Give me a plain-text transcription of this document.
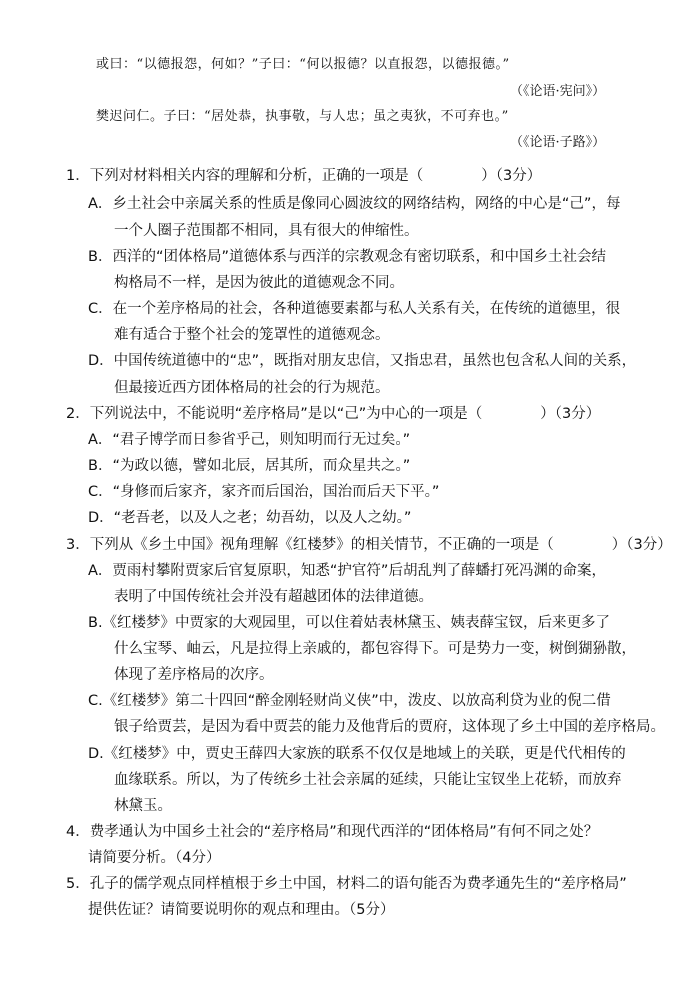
或曰：“以德报怨，何如？”子曰：“何以报德？以直报怨，以德报德。”
（《论语·宪问》）
樊迟问仁。子曰：“居处恭，执事敬，与人忠；虽之夷狄，不可弃也。”
（《论语·子路》）
1．下列对材料相关内容的理解和分析，正确的一项是（　　　　）（3分）
A．乡土社会中亲属关系的性质是像同心圆波纹的网络结构，网络的中心是“己”，每
一个人圈子范围都不相同，具有很大的伸缩性。
B．西洋的“团体格局”道德体系与西洋的宗教观念有密切联系，和中国乡土社会结
构格局不一样，是因为彼此的道德观念不同。
C．在一个差序格局的社会，各种道德要素都与私人关系有关，在传统的道德里，很
难有适合于整个社会的笼罩性的道德观念。
D．中国传统道德中的“忠”，既指对朋友忠信，又指忠君，虽然也包含私人间的关系，
但最接近西方团体格局的社会的行为规范。
2．下列说法中，不能说明“差序格局”是以“己”为中心的一项是（　　　　）（3分）
A．“君子博学而日参省乎己，则知明而行无过矣。”
B．“为政以德，譬如北辰，居其所，而众星共之。”
C．“身修而后家齐，家齐而后国治，国治而后天下平。”
D．“老吾老，以及人之老；幼吾幼，以及人之幼。”
3．下列从《乡土中国》视角理解《红楼梦》的相关情节，不正确的一项是（　　　　）（3分）
A．贾雨村攀附贾家后官复原职，知悉“护官符”后胡乱判了薛蟠打死冯渊的命案，
表明了中国传统社会并没有超越团体的法律道德。
B.《红楼梦》中贾家的大观园里，可以住着姑表林黛玉、姨表薛宝钗，后来更多了
什么宝琴、岫云，凡是拉得上亲戚的，都包容得下。可是势力一变，树倒猢狲散，
体现了差序格局的次序。
C.《红楼梦》第二十四回“醉金刚轻财尚义侠”中，泼皮、以放高利贷为业的倪二借
银子给贾芸，是因为看中贾芸的能力及他背后的贾府，这体现了乡土中国的差序格局。
D.《红楼梦》中，贾史王薛四大家族的联系不仅仅是地域上的关联，更是代代相传的
血缘联系。所以，为了传统乡土社会亲属的延续，只能让宝钗坐上花轿，而放弃
林黛玉。
4．费孝通认为中国乡土社会的“差序格局”和现代西洋的“团体格局”有何不同之处？
请简要分析。（4分）
5．孔子的儒学观点同样植根于乡土中国，材料二的语句能否为费孝通先生的“差序格局”
提供佐证？请简要说明你的观点和理由。（5分）
